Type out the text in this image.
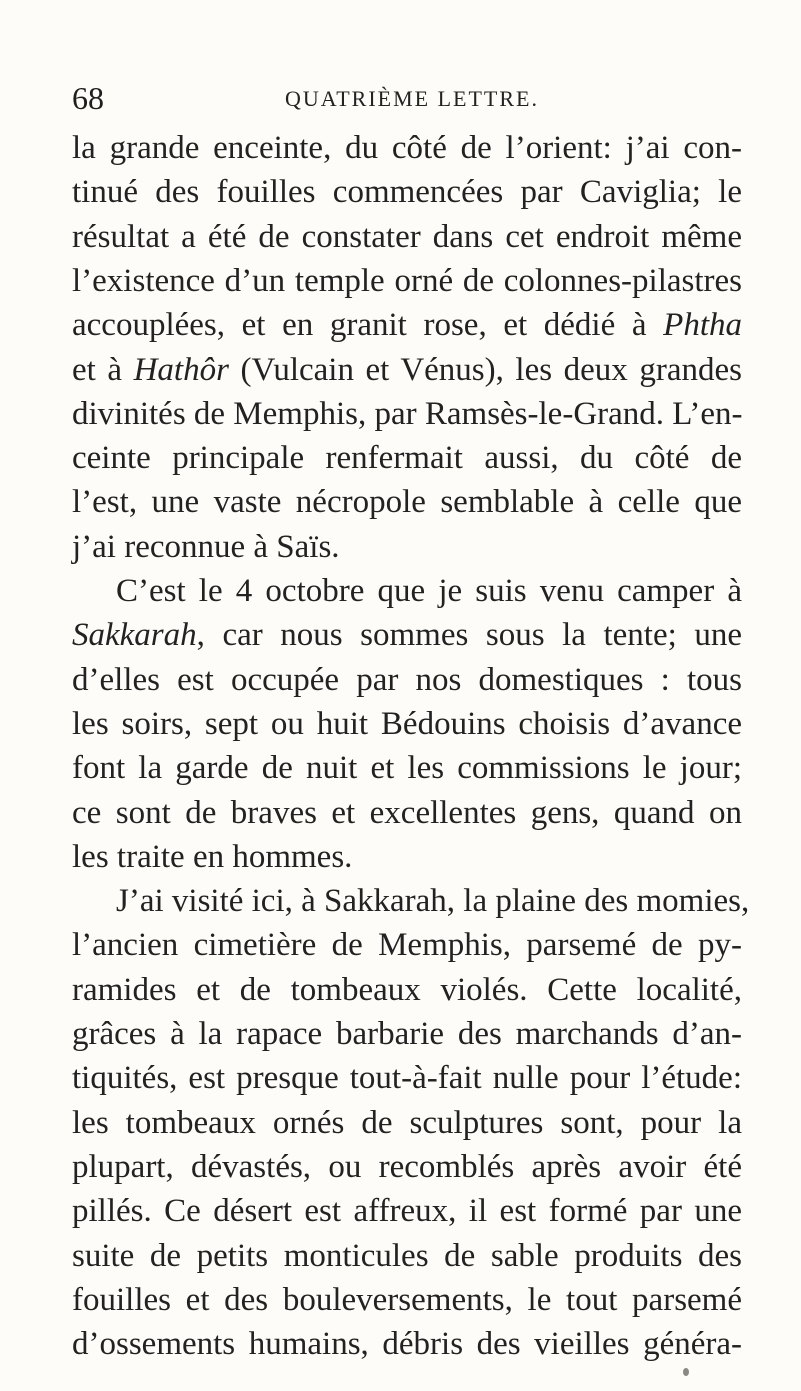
68	QUATRIÈME LETTRE.
la grande enceinte, du côté de l’orient: j’ai con-
tinué des fouilles commencées par Caviglia; le
résultat a été de constater dans cet endroit même
l’existence d’un temple orné de colonnes-pilastres
accouplées, et en granit rose, et dédié à Phtha
et à Hathôr (Vulcain et Vénus), les deux grandes
divinités de Memphis, par Ramsès-le-Grand. L’en-
ceinte principale renfermait aussi, du côté de
l’est, une vaste nécropole semblable à celle que
j’ai reconnue à Saïs.
C’est le 4 octobre que je suis venu camper à
Sakkarah, car nous sommes sous la tente; une
d’elles est occupée par nos domestiques : tous
les soirs, sept ou huit Bédouins choisis d’avance
font la garde de nuit et les commissions le jour;
ce sont de braves et excellentes gens, quand on
les traite en hommes.
J’ai visité ici, à Sakkarah, la plaine des momies,
l’ancien cimetière de Memphis, parsemé de py-
ramides et de tombeaux violés. Cette localité,
grâces à la rapace barbarie des marchands d’an-
tiquités, est presque tout-à-fait nulle pour l’étude:
les tombeaux ornés de sculptures sont, pour la
plupart, dévastés, ou recomblés après avoir été
pillés. Ce désert est affreux, il est formé par une
suite de petits monticules de sable produits des
fouilles et des bouleversements, le tout parsemé
d’ossements humains, débris des vieilles généra-
